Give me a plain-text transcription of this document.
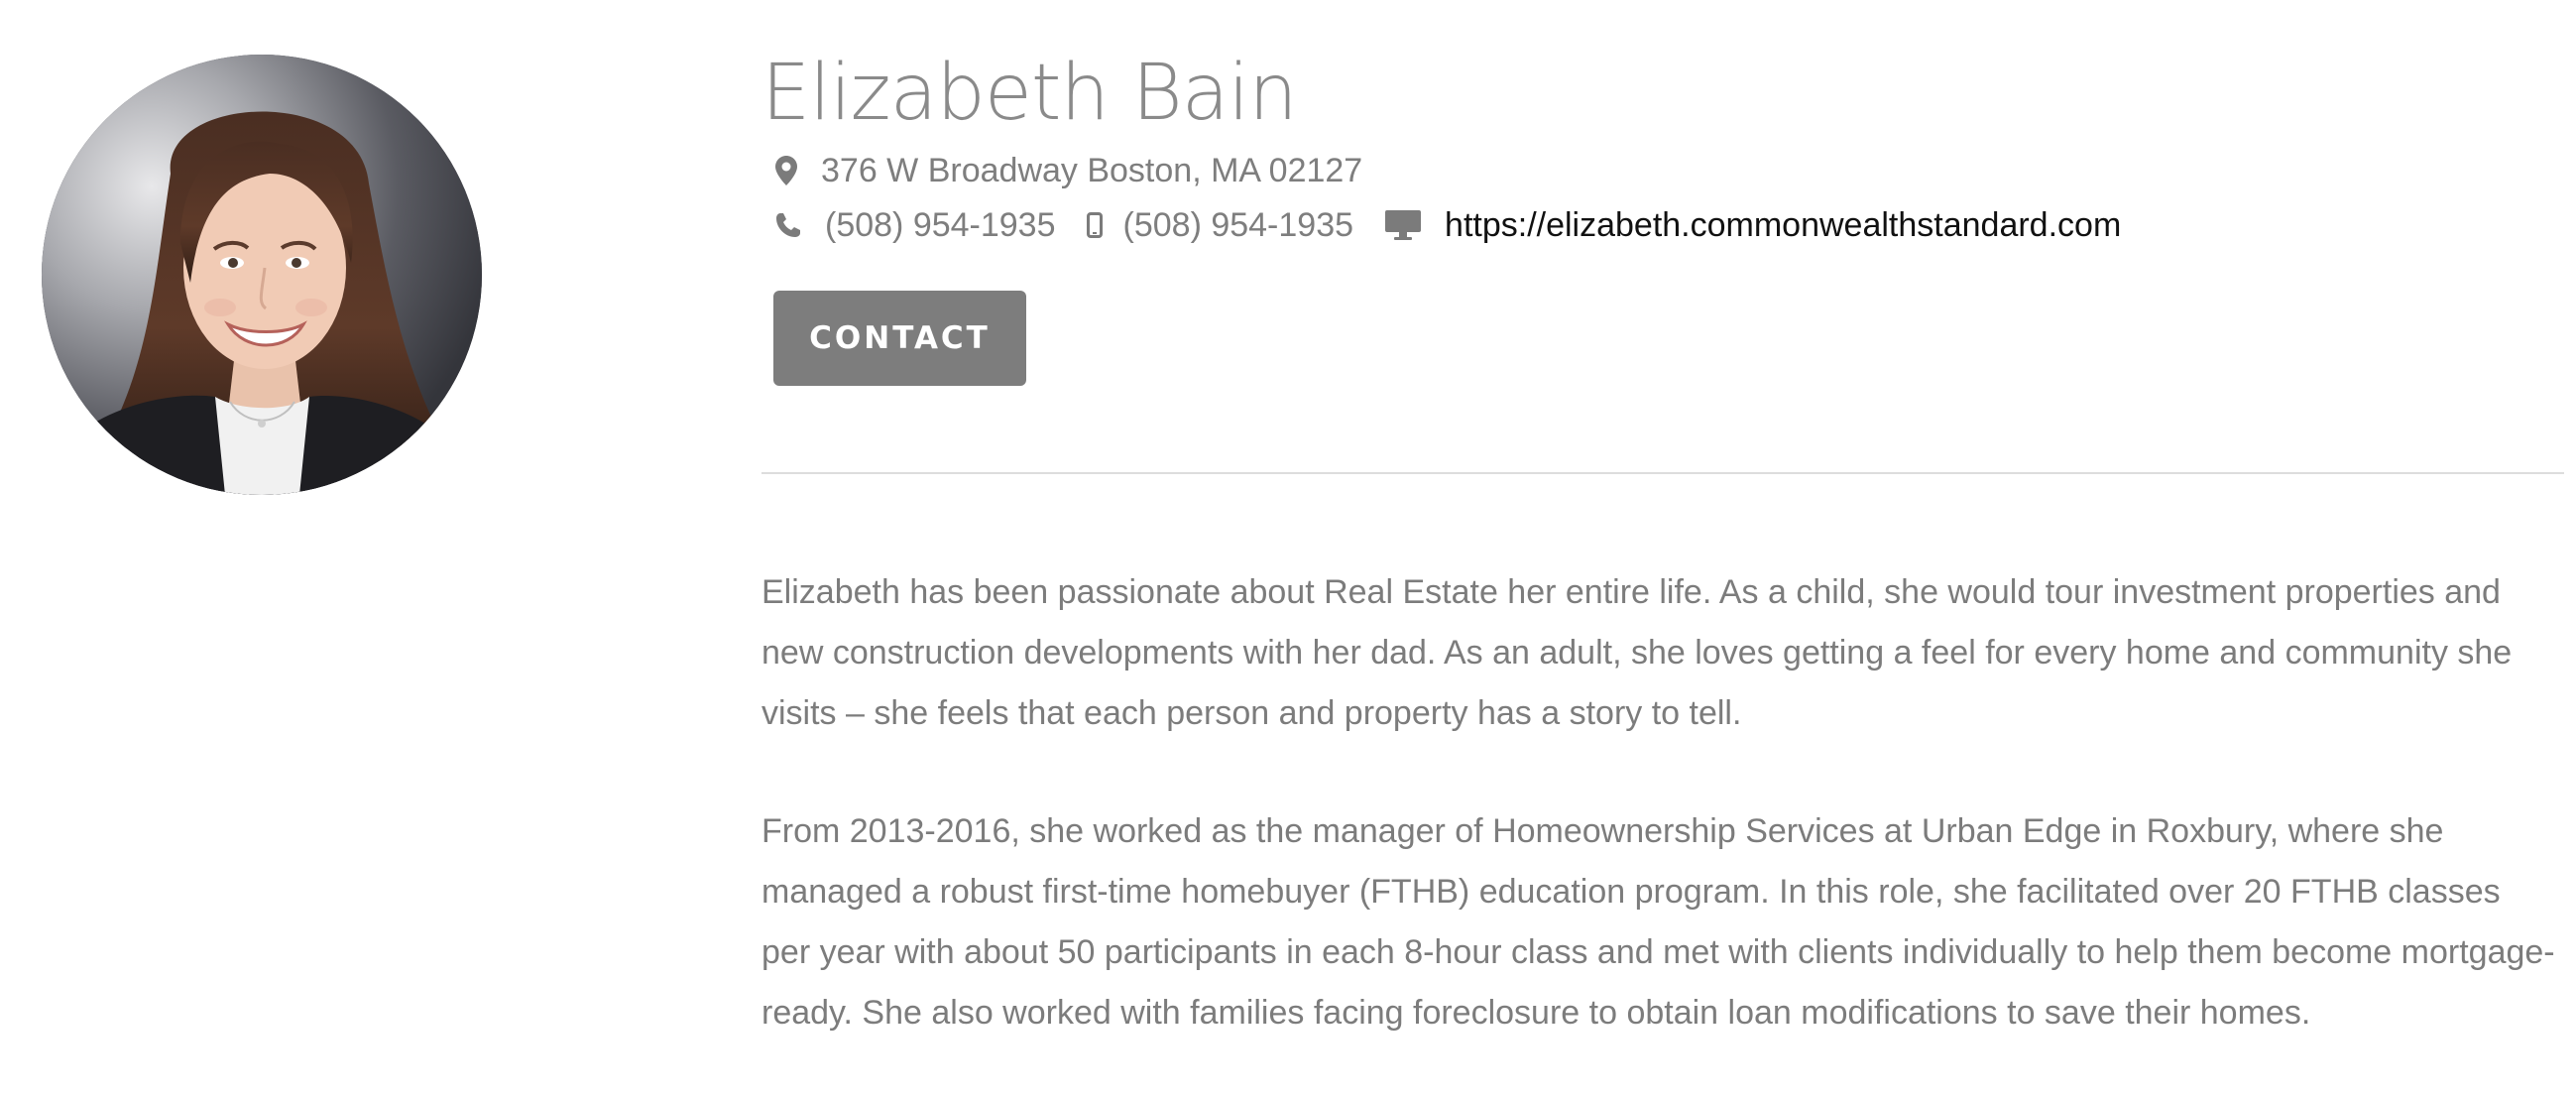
Elizabeth Bain
376 W Broadway Boston, MA 02127
(508) 954-1935 (508) 954-1935	https://elizabeth.commonwealthstandard.com
CONTACT

Elizabeth has been passionate about Real Estate her entire life. As a child, she would tour investment properties and new construction developments with her dad. As an adult, she loves getting a feel for every home and community she visits – she feels that each person and property has a story to tell.

From 2013-2016, she worked as the manager of Homeownership Services at Urban Edge in Roxbury, where she managed a robust first-time homebuyer (FTHB) education program. In this role, she facilitated over 20 FTHB classes per year with about 50 participants in each 8-hour class and met with clients individually to help them become mortgage-ready. She also worked with families facing foreclosure to obtain loan modifications to save their homes.
